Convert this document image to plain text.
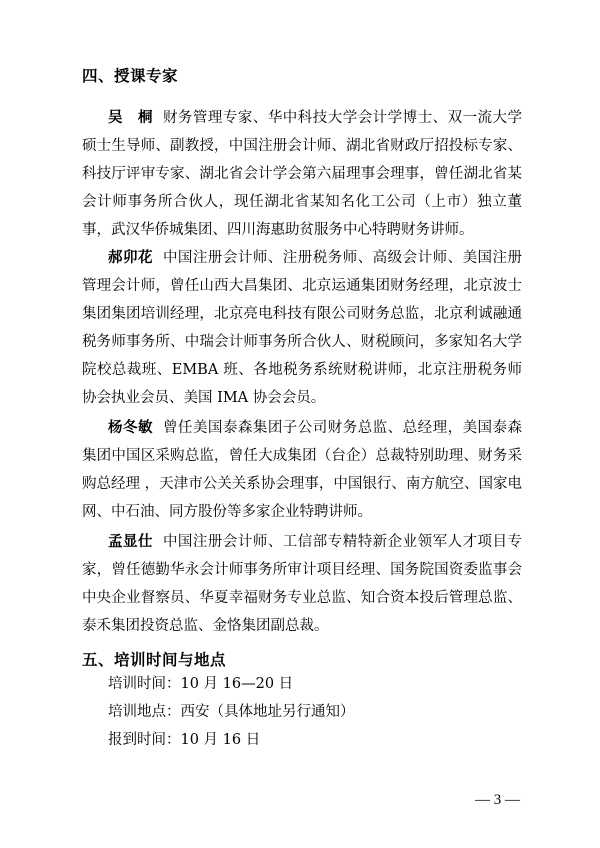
四、授课专家
吴　桐 财务管理专家、华中科技大学会计学博士、双一流大学硕士生导师、副教授，中国注册会计师、湖北省财政厅招投标专家、科技厅评审专家、湖北省会计学会第六届理事会理事，曾任湖北省某会计师事务所合伙人，现任湖北省某知名化工公司（上市）独立董事，武汉华侨城集团、四川海惠助贫服务中心特聘财务讲师。
郝卯花 中国注册会计师、注册税务师、高级会计师、美国注册管理会计师，曾任山西大昌集团、北京运通集团财务经理，北京波士集团集团培训经理，北京亮电科技有限公司财务总监，北京利诚融通税务师事务所、中瑞会计师事务所合伙人、财税顾问，多家知名大学院校总裁班、EMBA 班、各地税务系统财税讲师，北京注册税务师协会执业会员、美国 IMA 协会会员。
杨冬敏 曾任美国泰森集团子公司财务总监、总经理，美国泰森集团中国区采购总监，曾任大成集团（台企）总裁特别助理、财务采购总经理 ，天津市公关关系协会理事，中国银行、南方航空、国家电网、中石油、同方股份等多家企业特聘讲师。
孟显仕 中国注册会计师、工信部专精特新企业领军人才项目专家，曾任德勤华永会计师事务所审计项目经理、国务院国资委监事会中央企业督察员、华夏幸福财务专业总监、知合资本投后管理总监、泰禾集团投资总监、金恪集团副总裁。
五、培训时间与地点
培训时间：10 月 16—20 日
培训地点：西安（具体地址另行通知）
报到时间：10 月 16 日
— 3 —
